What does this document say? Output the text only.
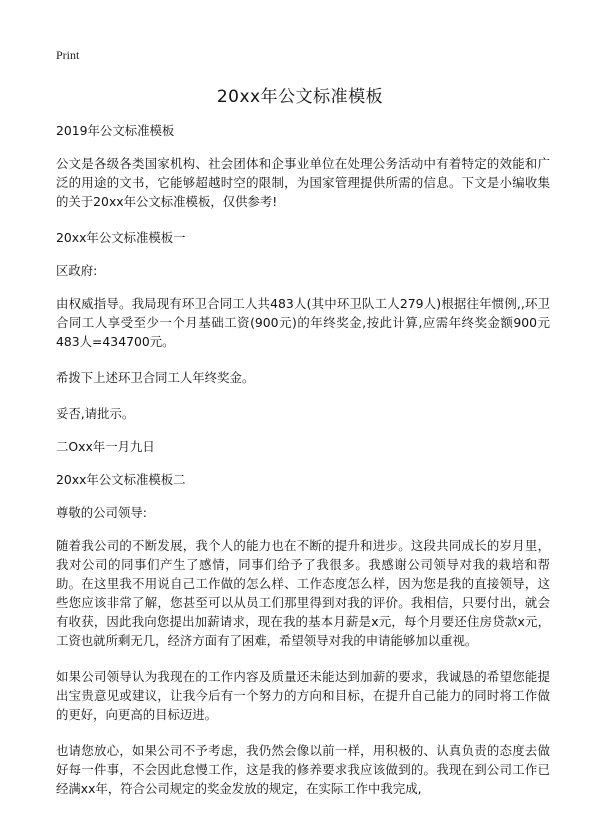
Print
20xx年公文标准模板

2019年公文标准模板

公文是各级各类国家机构、社会团体和企事业单位在处理公务活动中有着特定的效能和广泛的用途的文书，它能够超越时空的限制，为国家管理提供所需的信息。下文是小编收集的关于20xx年公文标准模板，仅供参考!

20xx年公文标准模板一

区政府:

由权威指导。我局现有环卫合同工人共483人(其中环卫队工人279人)根据往年惯例,,环卫合同工人享受至少一个月基础工资(900元)的年终奖金,按此计算,应需年终奖金额900元483人=434700元。

希拨下上述环卫合同工人年终奖金。

妥否,请批示。

二Oxx年一月九日

20xx年公文标准模板二

尊敬的公司领导:

随着我公司的不断发展，我个人的能力也在不断的提升和进步。这段共同成长的岁月里，我对公司的同事们产生了感情，同事们给予了我很多。我感谢公司领导对我的栽培和帮助。在这里我不用说自己工作做的怎么样、工作态度怎么样，因为您是我的直接领导，这些您应该非常了解，您甚至可以从员工们那里得到对我的评价。我相信，只要付出，就会有收获，因此我向您提出加薪请求，现在我的基本月薪是x元，每个月要还住房贷款x元，工资也就所剩无几，经济方面有了困难，希望领导对我的申请能够加以重视。

如果公司领导认为我现在的工作内容及质量还未能达到加薪的要求，我诚恳的希望您能提出宝贵意见或建议，让我今后有一个努力的方向和目标，在提升自己能力的同时将工作做的更好，向更高的目标迈进。

也请您放心，如果公司不予考虑，我仍然会像以前一样，用积极的、认真负责的态度去做好每一件事，不会因此怠慢工作，这是我的修养要求我应该做到的。我现在到公司工作已经满xx年，符合公司规定的奖金发放的规定，在实际工作中我完成,
